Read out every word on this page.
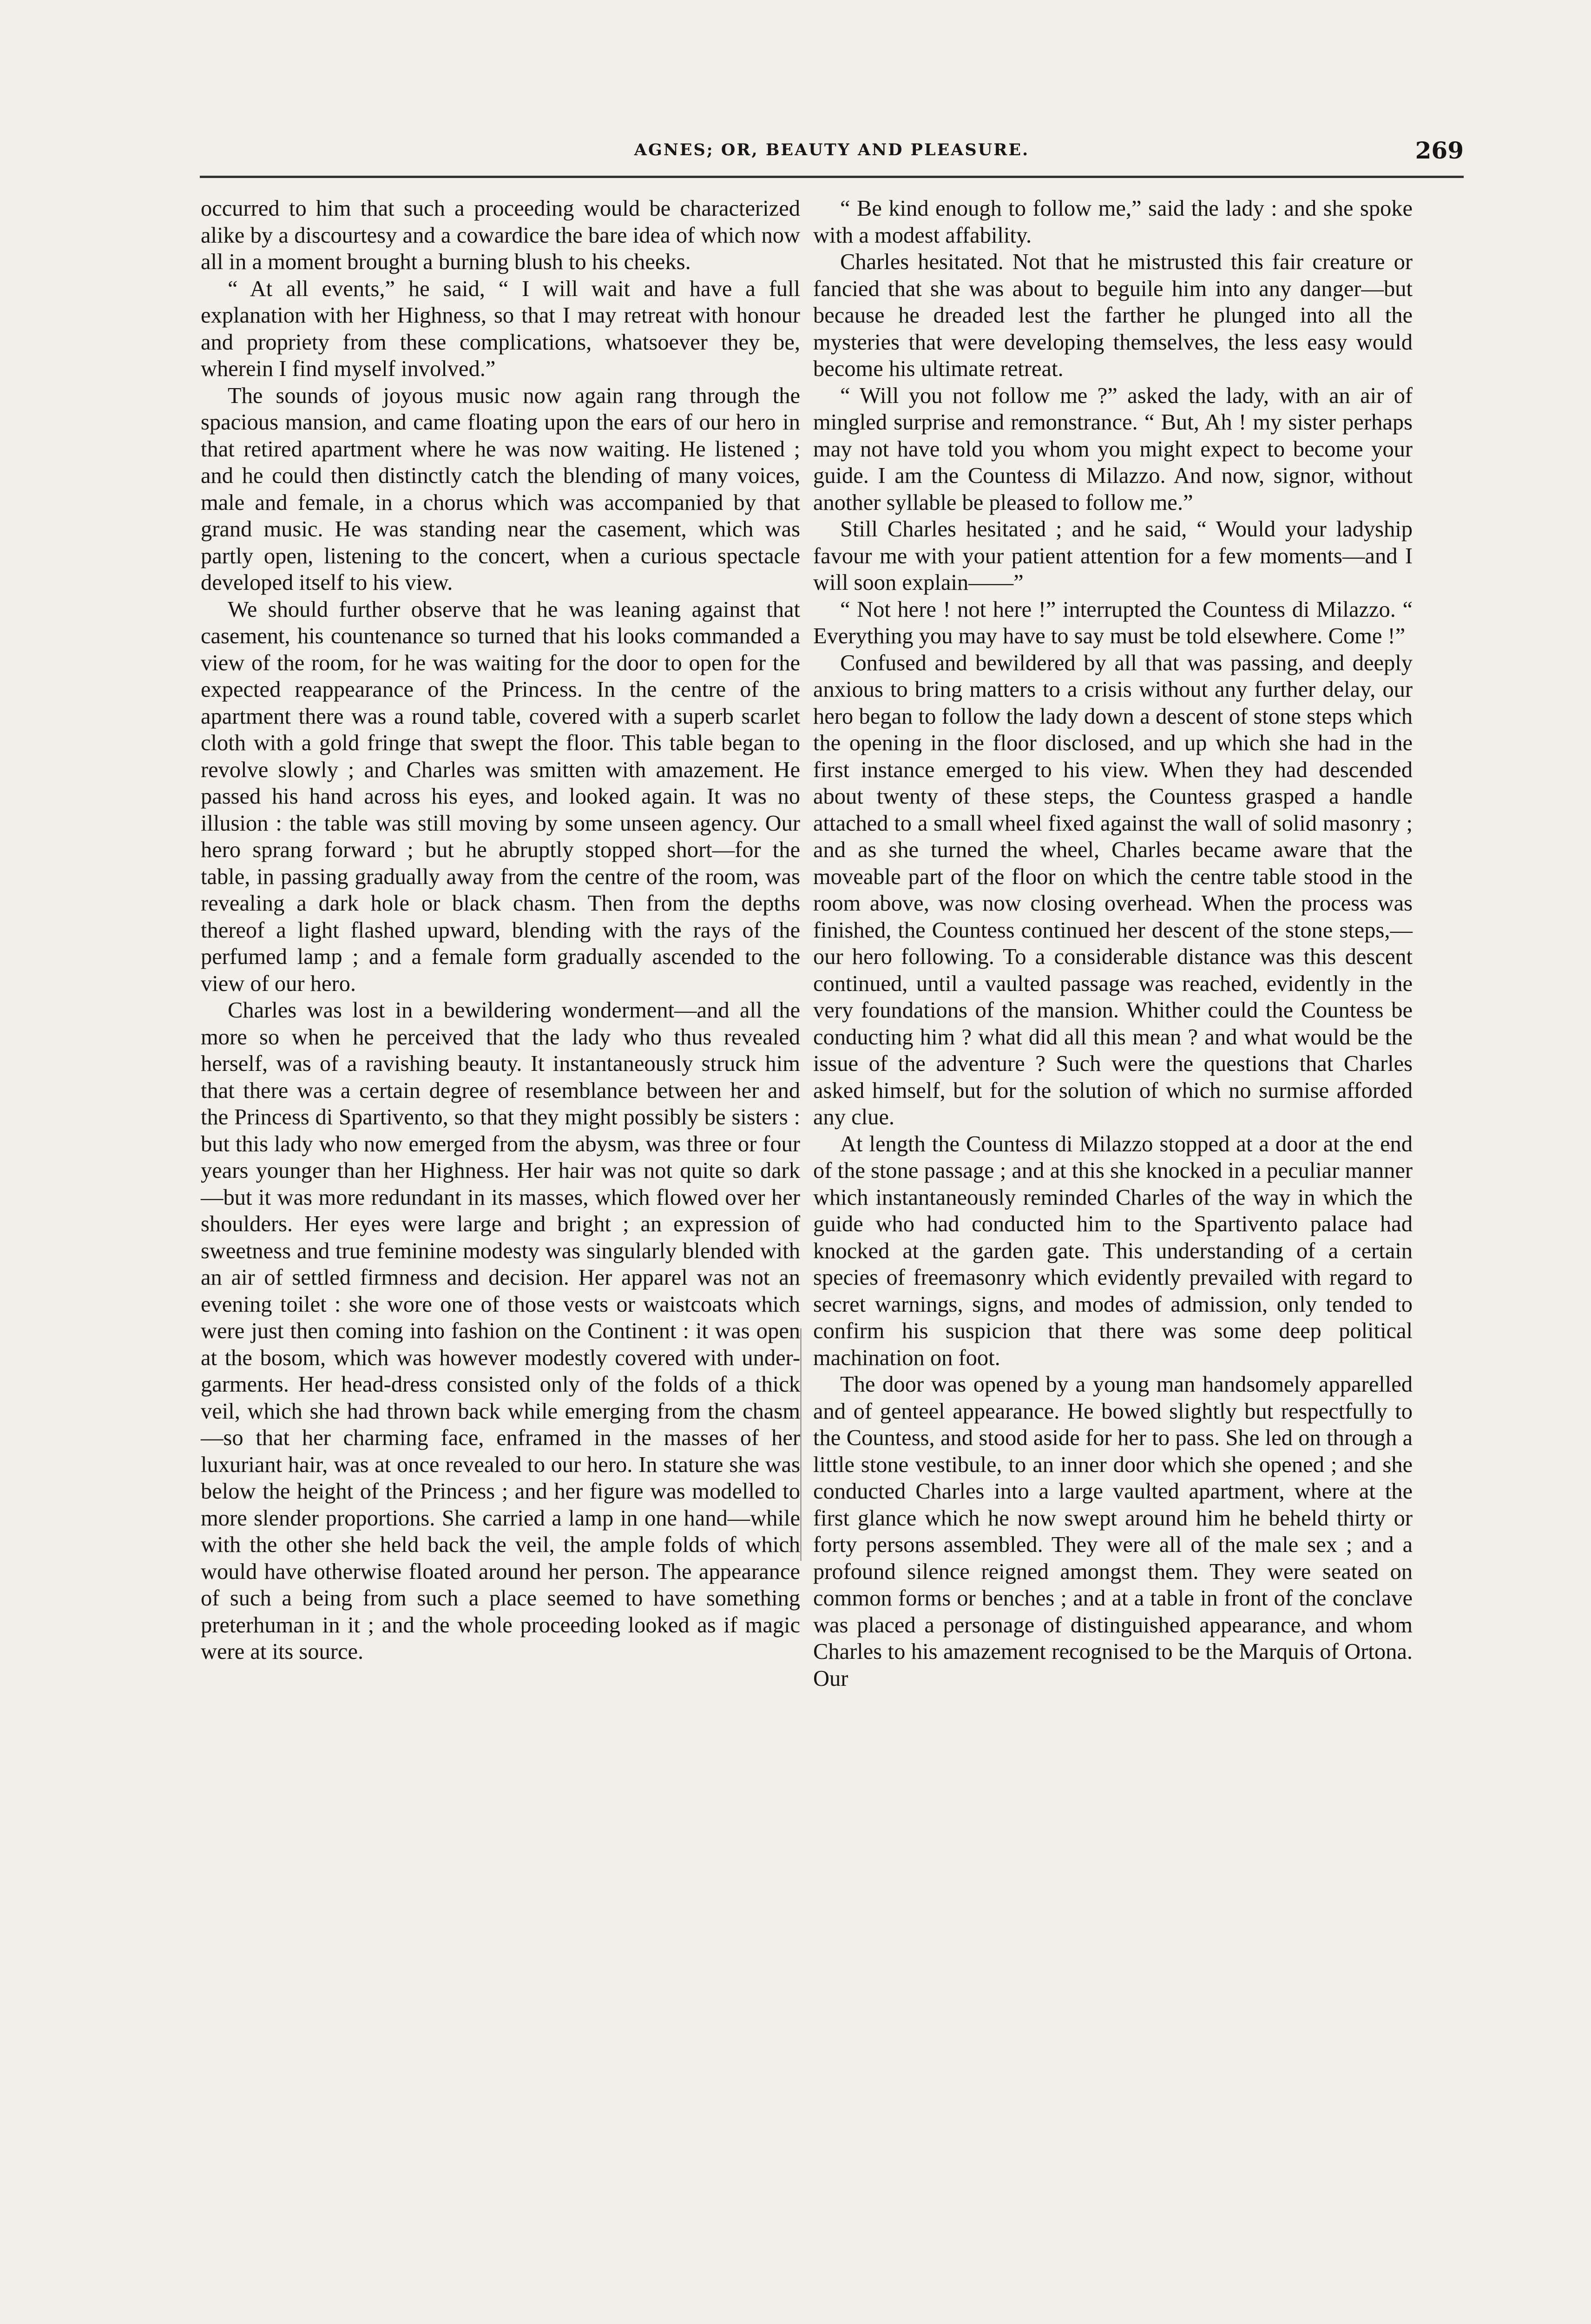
AGNES; OR, BEAUTY AND PLEASURE.	269

occurred to him that such a proceeding would be characterized alike by a discourtesy and a cowardice the bare idea of which now all in a moment brought a burning blush to his cheeks.

“ At all events,” he said, “ I will wait and have a full explanation with her Highness, so that I may retreat with honour and propriety from these complications, whatsoever they be, wherein I find myself involved.”

The sounds of joyous music now again rang through the spacious mansion, and came floating upon the ears of our hero in that retired apartment where he was now waiting. He listened ; and he could then distinctly catch the blending of many voices, male and female, in a chorus which was accompanied by that grand music. He was standing near the casement, which was partly open, listening to the concert, when a curious spectacle developed itself to his view.

We should further observe that he was leaning against that casement, his countenance so turned that his looks commanded a view of the room, for he was waiting for the door to open for the expected reappearance of the Princess. In the centre of the apartment there was a round table, covered with a superb scarlet cloth with a gold fringe that swept the floor. This table began to revolve slowly ; and Charles was smitten with amazement. He passed his hand across his eyes, and looked again. It was no illusion : the table was still moving by some unseen agency. Our hero sprang forward ; but he abruptly stopped short—for the table, in passing gradually away from the centre of the room, was revealing a dark hole or black chasm. Then from the depths thereof a light flashed upward, blending with the rays of the perfumed lamp ; and a female form gradually ascended to the view of our hero.

Charles was lost in a bewildering wonderment—and all the more so when he perceived that the lady who thus revealed herself, was of a ravishing beauty. It instantaneously struck him that there was a certain degree of resemblance between her and the Princess di Spartivento, so that they might possibly be sisters : but this lady who now emerged from the abysm, was three or four years younger than her Highness. Her hair was not quite so dark—but it was more redundant in its masses, which flowed over her shoulders. Her eyes were large and bright ; an expression of sweetness and true feminine modesty was singularly blended with an air of settled firmness and decision. Her apparel was not an evening toilet : she wore one of those vests or waistcoats which were just then coming into fashion on the Continent : it was open at the bosom, which was however modestly covered with under-garments. Her head-dress consisted only of the folds of a thick veil, which she had thrown back while emerging from the chasm—so that her charming face, enframed in the masses of her luxuriant hair, was at once revealed to our hero. In stature she was below the height of the Princess ; and her figure was modelled to more slender proportions. She carried a lamp in one hand—while with the other she held back the veil, the ample folds of which would have otherwise floated around her person. The appearance of such a being from such a place seemed to have something preterhuman in it ; and the whole proceeding looked as if magic were at its source.

“ Be kind enough to follow me,” said the lady : and she spoke with a modest affability.

Charles hesitated. Not that he mistrusted this fair creature or fancied that she was about to beguile him into any danger—but because he dreaded lest the farther he plunged into all the mysteries that were developing themselves, the less easy would become his ultimate retreat.

“ Will you not follow me ?” asked the lady, with an air of mingled surprise and remonstrance. “ But, Ah ! my sister perhaps may not have told you whom you might expect to become your guide. I am the Countess di Milazzo. And now, signor, without another syllable be pleased to follow me.”

Still Charles hesitated ; and he said, “ Would your ladyship favour me with your patient attention for a few moments—and I will soon explain——”

“ Not here ! not here !” interrupted the Countess di Milazzo. “ Everything you may have to say must be told elsewhere. Come !”

Confused and bewildered by all that was passing, and deeply anxious to bring matters to a crisis without any further delay, our hero began to follow the lady down a descent of stone steps which the opening in the floor disclosed, and up which she had in the first instance emerged to his view. When they had descended about twenty of these steps, the Countess grasped a handle attached to a small wheel fixed against the wall of solid masonry ; and as she turned the wheel, Charles became aware that the moveable part of the floor on which the centre table stood in the room above, was now closing overhead. When the process was finished, the Countess continued her descent of the stone steps,—our hero following. To a considerable distance was this descent continued, until a vaulted passage was reached, evidently in the very foundations of the mansion. Whither could the Countess be conducting him ? what did all this mean ? and what would be the issue of the adventure ? Such were the questions that Charles asked himself, but for the solution of which no surmise afforded any clue.

At length the Countess di Milazzo stopped at a door at the end of the stone passage ; and at this she knocked in a peculiar manner which instantaneously reminded Charles of the way in which the guide who had conducted him to the Spartivento palace had knocked at the garden gate. This understanding of a certain species of freemasonry which evidently prevailed with regard to secret warnings, signs, and modes of admission, only tended to confirm his suspicion that there was some deep political machination on foot.

The door was opened by a young man handsomely apparelled and of genteel appearance. He bowed slightly but respectfully to the Countess, and stood aside for her to pass. She led on through a little stone vestibule, to an inner door which she opened ; and she conducted Charles into a large vaulted apartment, where at the first glance which he now swept around him he beheld thirty or forty persons assembled. They were all of the male sex ; and a profound silence reigned amongst them. They were seated on common forms or benches ; and at a table in front of the conclave was placed a personage of distinguished appearance, and whom Charles to his amazement recognised to be the Marquis of Ortona. Our
